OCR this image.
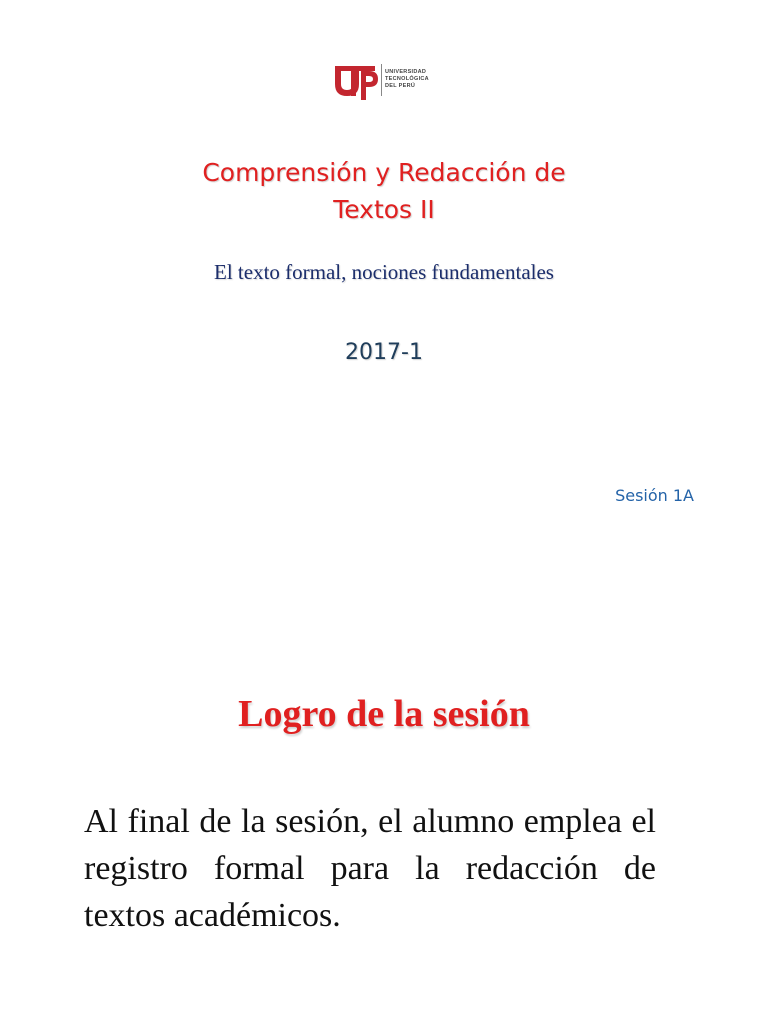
UNIVERSIDAD
TECNOLÓGICA
DEL PERÚ
Comprensión y Redacción de
Textos II
El texto formal, nociones fundamentales
2017-1
Sesión 1A
Logro de la sesión
Al final de la sesión, el alumno emplea el registro formal para la redacción de textos académicos.
